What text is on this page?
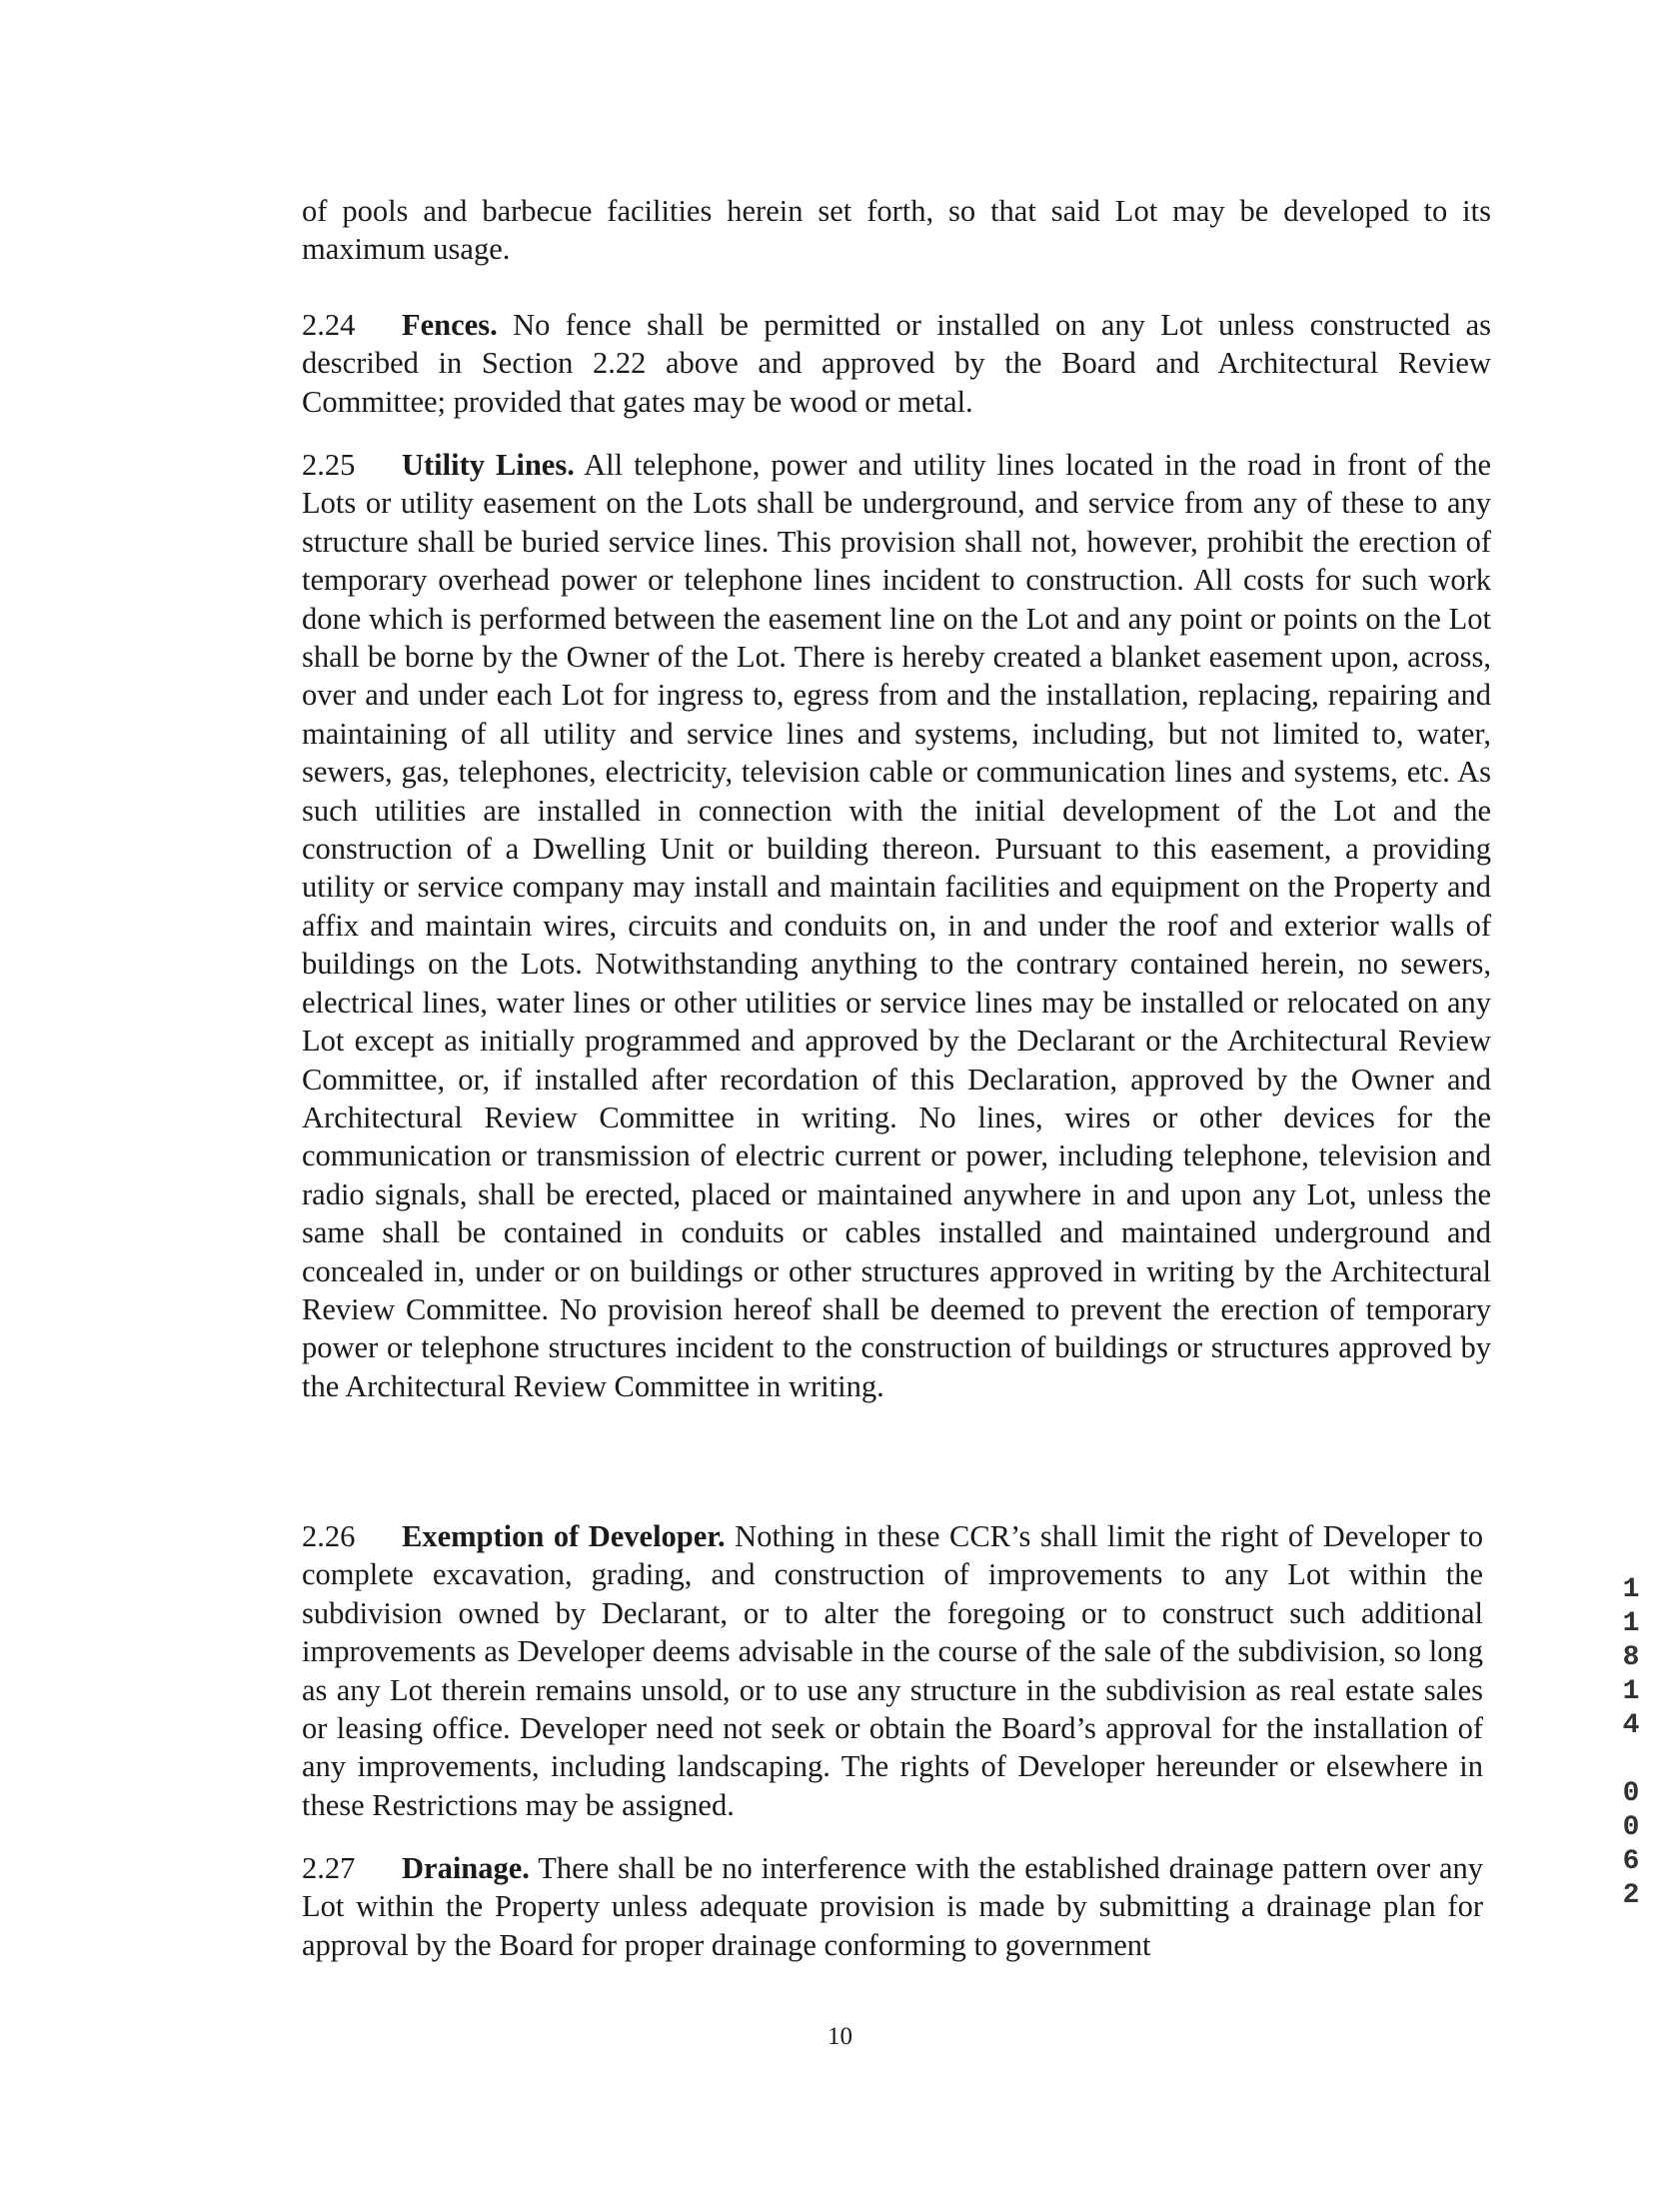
of pools and barbecue facilities herein set forth, so that said Lot may be developed to its maximum usage.

2.24 Fences. No fence shall be permitted or installed on any Lot unless constructed as described in Section 2.22 above and approved by the Board and Architectural Review Committee; provided that gates may be wood or metal.

2.25 Utility Lines. All telephone, power and utility lines located in the road in front of the Lots or utility easement on the Lots shall be underground, and service from any of these to any structure shall be buried service lines. This provision shall not, however, prohibit the erection of temporary overhead power or telephone lines incident to construction. All costs for such work done which is performed between the easement line on the Lot and any point or points on the Lot shall be borne by the Owner of the Lot. There is hereby created a blanket easement upon, across, over and under each Lot for ingress to, egress from and the installation, replacing, repairing and maintaining of all utility and service lines and systems, including, but not limited to, water, sewers, gas, telephones, electricity, television cable or communication lines and systems, etc. As such utilities are installed in connection with the initial development of the Lot and the construction of a Dwelling Unit or building thereon. Pursuant to this easement, a providing utility or service company may install and maintain facilities and equipment on the Property and affix and maintain wires, circuits and conduits on, in and under the roof and exterior walls of buildings on the Lots. Notwithstanding anything to the contrary contained herein, no sewers, electrical lines, water lines or other utilities or service lines may be installed or relocated on any Lot except as initially programmed and approved by the Declarant or the Architectural Review Committee, or, if installed after recordation of this Declaration, approved by the Owner and Architectural Review Committee in writing. No lines, wires or other devices for the communication or transmission of electric current or power, including telephone, television and radio signals, shall be erected, placed or maintained anywhere in and upon any Lot, unless the same shall be contained in conduits or cables installed and maintained underground and concealed in, under or on buildings or other structures approved in writing by the Architectural Review Committee. No provision hereof shall be deemed to prevent the erection of temporary power or telephone structures incident to the construction of buildings or structures approved by the Architectural Review Committee in writing.

2.26 Exemption of Developer. Nothing in these CCR’s shall limit the right of Developer to complete excavation, grading, and construction of improvements to any Lot within the subdivision owned by Declarant, or to alter the foregoing or to construct such additional improvements as Developer deems advisable in the course of the sale of the subdivision, so long as any Lot therein remains unsold, or to use any structure in the subdivision as real estate sales or leasing office. Developer need not seek or obtain the Board’s approval for the installation of any improvements, including landscaping. The rights of Developer hereunder or elsewhere in these Restrictions may be assigned.

2.27 Drainage. There shall be no interference with the established drainage pattern over any Lot within the Property unless adequate provision is made by submitting a drainage plan for approval by the Board for proper drainage conforming to government

1
1
8
1
4
0
0
6
2
10
